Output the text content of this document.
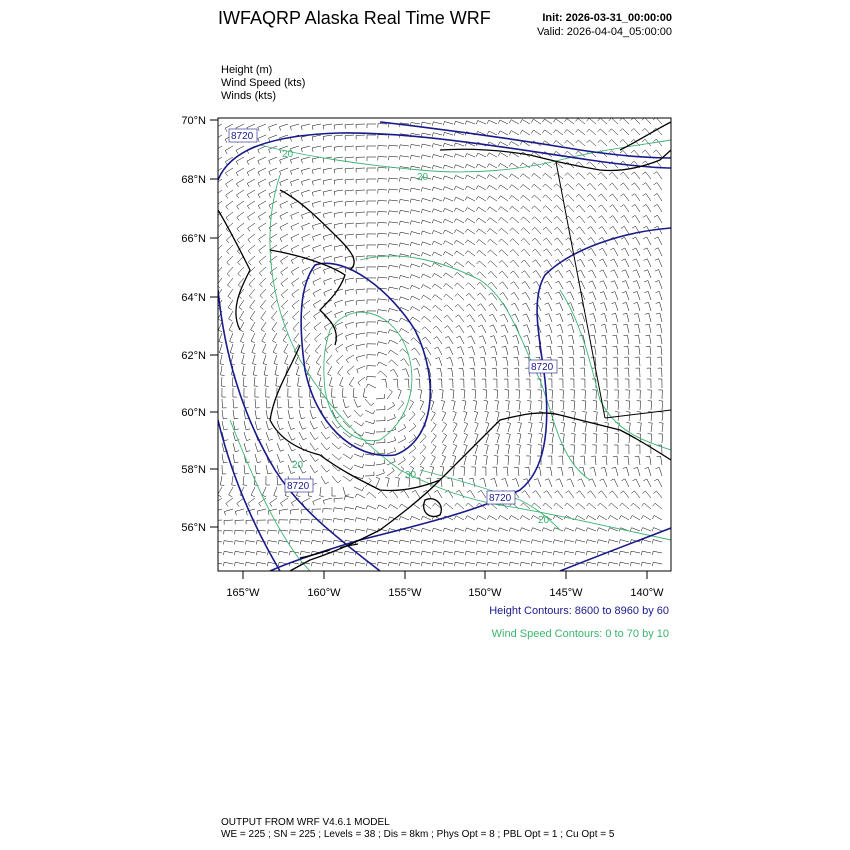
IWFAQRP Alaska Real Time WRF	Init: 2026-03-31_00:00:00
Valid: 2026-04-04_05:00:00
Height (m)
Wind Speed (kts)
Winds (kts)
8720
8720
8720
8720
20
20
20
20
30
70°N
68°N
66°N
64°N
62°N
60°N
58°N
56°N
165°W	160°W	155°W	150°W	145°W	140°W
Height Contours: 8600 to 8960 by 60
Wind Speed Contours: 0 to 70 by 10
OUTPUT FROM WRF V4.6.1 MODEL
WE = 225 ; SN = 225 ; Levels = 38 ; Dis = 8km ; Phys Opt = 8 ; PBL Opt = 1 ; Cu Opt = 5
